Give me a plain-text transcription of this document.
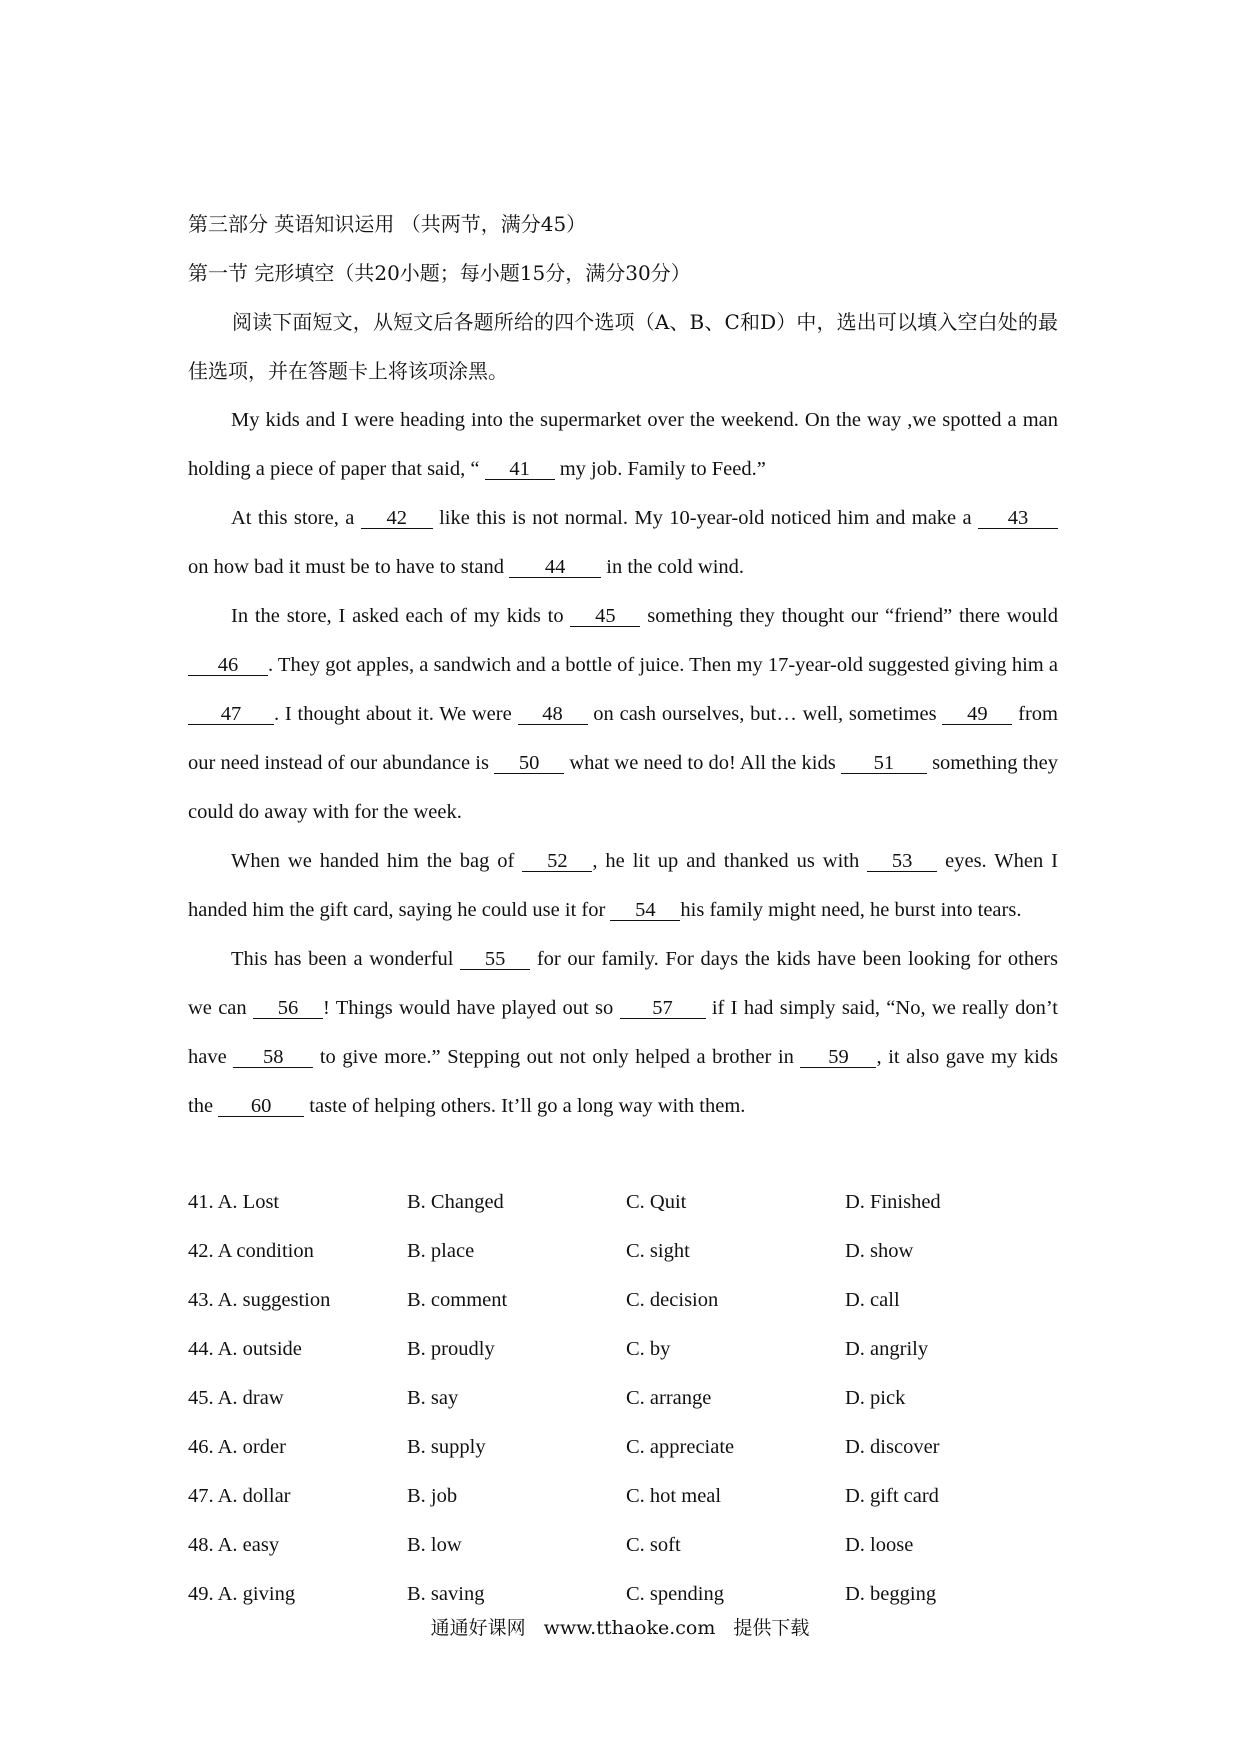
第三部分 英语知识运用 （共两节，满分45）
第一节 完形填空（共20小题；每小题15分，满分30分）
阅读下面短文，从短文后各题所给的四个选项（A、B、C和D）中，选出可以填入空白处的最佳选项，并在答题卡上将该项涂黑。

My kids and I were heading into the supermarket over the weekend. On the way ,we spotted a man holding a piece of paper that said, “ 41 my job. Family to Feed.”

At this store, a 42 like this is not normal. My 10-year-old noticed him and make a 43 on how bad it must be to have to stand 44 in the cold wind.

In the store, I asked each of my kids to 45 something they thought our “friend” there would 46 . They got apples, a sandwich and a bottle of juice. Then my 17-year-old suggested giving him a 47 . I thought about it. We were 48 on cash ourselves, but… well, sometimes 49 from our need instead of our abundance is 50 what we need to do! All the kids 51 something they could do away with for the week.

When we handed him the bag of 52 , he lit up and thanked us with 53 eyes. When I handed him the gift card, saying he could use it for 54 his family might need, he burst into tears.

This has been a wonderful 55 for our family. For days the kids have been looking for others we can 56 ! Things would have played out so 57 if I had simply said, “No, we really don’t have 58 to give more.” Stepping out not only helped a brother in 59 , it also gave my kids the 60 taste of helping others. It’ll go a long way with them.

41. A. Lost	B. Changed	C. Quit	D. Finished
42. A condition	B. place	C. sight	D. show
43. A. suggestion	B. comment	C. decision	D. call
44. A. outside	B. proudly	C. by	D. angrily
45. A. draw	B. say	C. arrange	D. pick
46. A. order	B. supply	C. appreciate	D. discover
47. A. dollar	B. job	C. hot meal	D. gift card
48. A. easy	B. low	C. soft	D. loose
49. A. giving	B. saving	C. spending	D. begging
通通好课网 www.tthaoke.com 提供下载
